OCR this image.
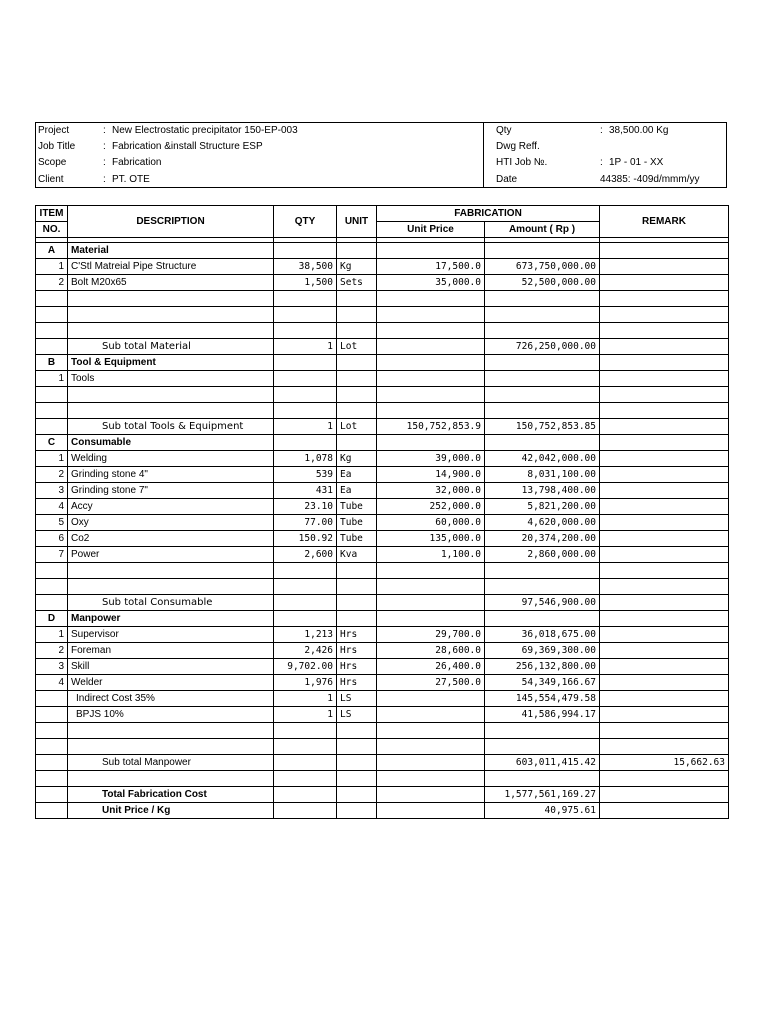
Project	: New Electrostatic precipitator 150-EP-003
Job Title	: Fabrication &install Structure ESP
Scope	: Fabrication
Client	: PT. OTE
Qty	: 38,500.00 Kg
Dwg Reff.
HTI Job №.	: 1P - 01 - XX
Date	44385: -409d/mmm/yy
ITEM	DESCRIPTION	QTY	UNIT	FABRICATION		REMARK
NO.				Unit Price	Amount ( Rp )	

A	Material					
1	C'Stl Matreial Pipe Structure	38,500	Kg	17,500.0	673,750,000.00	
2	Bolt M20x65	1,500	Sets	35,000.0	52,500,000.00	

	Sub total Material	1	Lot		726,250,000.00	
B	Tool & Equipment					
1	Tools					

	Sub total Tools & Equipment	1	Lot	150,752,853.9	150,752,853.85	
C	Consumable					
1	Welding	1,078	Kg	39,000.0	42,042,000.00	
2	Grinding stone 4"	539	Ea	14,900.0	8,031,100.00	
3	Grinding stone 7"	431	Ea	32,000.0	13,798,400.00	
4	Accy	23.10	Tube	252,000.0	5,821,200.00	
5	Oxy	77.00	Tube	60,000.0	4,620,000.00	
6	Co2	150.92	Tube	135,000.0	20,374,200.00	
7	Power	2,600	Kva	1,100.0	2,860,000.00	

	Sub total Consumable				97,546,900.00	
D	Manpower					
1	Supervisor	1,213	Hrs	29,700.0	36,018,675.00	
2	Foreman	2,426	Hrs	28,600.0	69,369,300.00	
3	Skill	9,702.00	Hrs	26,400.0	256,132,800.00	
4	Welder	1,976	Hrs	27,500.0	54,349,166.67	
	Indirect Cost 35%	1	LS		145,554,479.58	
	BPJS 10%	1	LS		41,586,994.17	

	Sub total Manpower				603,011,415.42	15,662.63

	Total Fabrication Cost				1,577,561,169.27	
	Unit Price / Kg				40,975.61	
